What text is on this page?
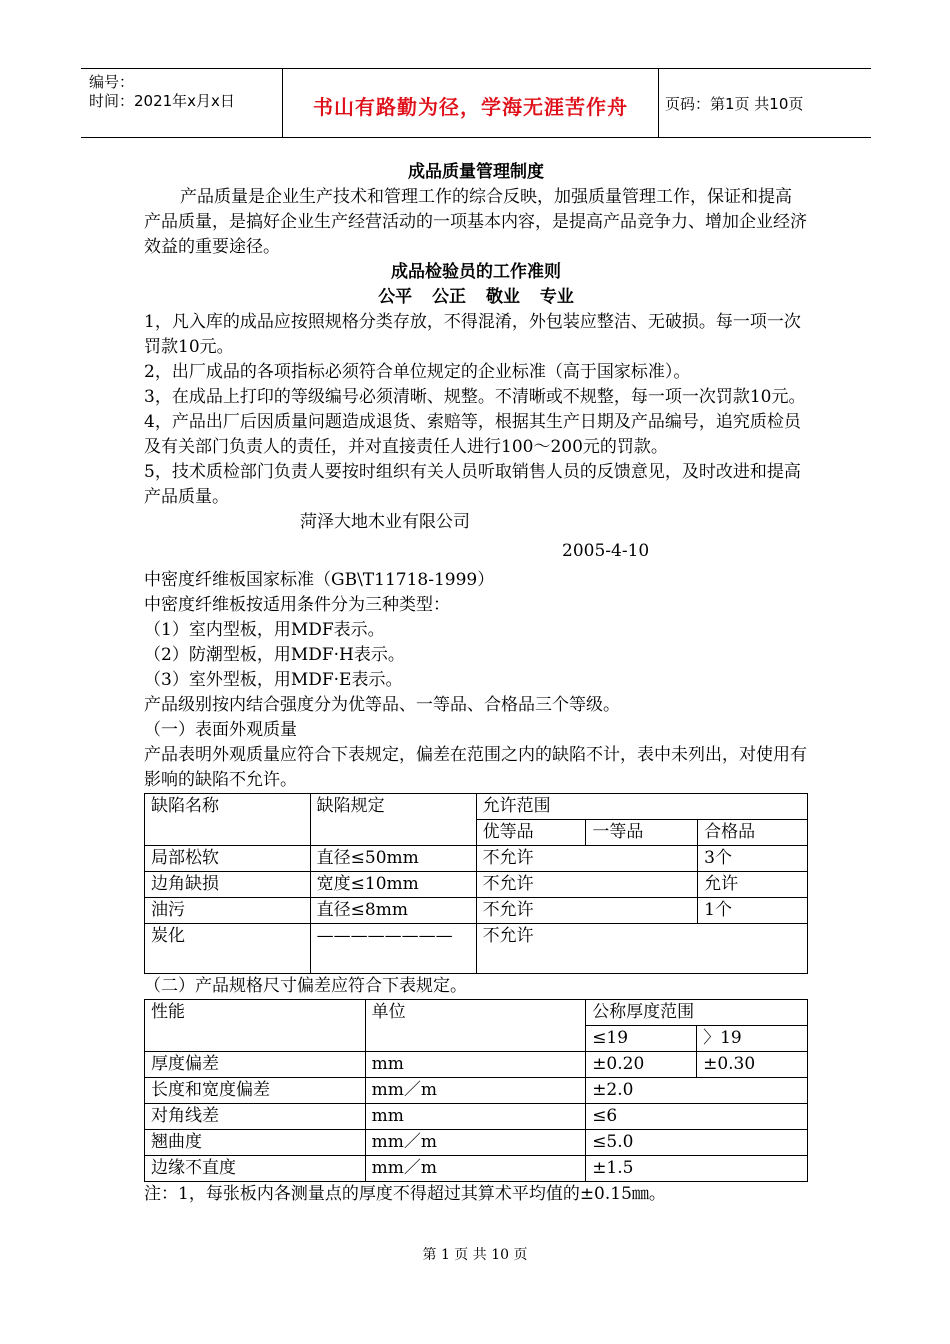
编号：
时间：2021年x月x日	书山有路勤为径，学海无涯苦作舟	页码：第1页 共10页

成品质量管理制度

产品质量是企业生产技术和管理工作的综合反映，加强质量管理工作，保证和提高产品质量，是搞好企业生产经营活动的一项基本内容，是提高产品竞争力、增加企业经济效益的重要途径。

成品检验员的工作准则

公平 公正 敬业 专业

1，凡入库的成品应按照规格分类存放，不得混淆，外包装应整洁、无破损。每一项一次罚款10元。

2，出厂成品的各项指标必须符合单位规定的企业标准（高于国家标准）。

3，在成品上打印的等级编号必须清晰、规整。不清晰或不规整，每一项一次罚款10元。

4，产品出厂后因质量问题造成退货、索赔等，根据其生产日期及产品编号，追究质检员及有关部门负责人的责任，并对直接责任人进行100～200元的罚款。

5，技术质检部门负责人要按时组织有关人员听取销售人员的反馈意见，及时改进和提高产品质量。

菏泽大地木业有限公司

2005-4-10

中密度纤维板国家标准（GB\T11718-1999）

中密度纤维板按适用条件分为三种类型：

（1）室内型板，用MDF表示。

（2）防潮型板，用MDF·H表示。

（3）室外型板，用MDF·E表示。

产品级别按内结合强度分为优等品、一等品、合格品三个等级。

（一）表面外观质量

产品表明外观质量应符合下表规定，偏差在范围之内的缺陷不计，表中未列出，对使用有影响的缺陷不允许。

缺陷名称	缺陷规定	允许范围		
		优等品	一等品	合格品
局部松软	直径≤50mm	不允许		3个
边角缺损	宽度≤10mm	不允许		允许
油污	直径≤8mm	不允许		1个
炭化	————————	不允许		

（二）产品规格尺寸偏差应符合下表规定。

性能	单位	公称厚度范围	
		≤19	〉19
厚度偏差	mm	±0.20	±0.30
长度和宽度偏差	mm／m	±2.0	
对角线差	mm	≤6	
翘曲度	mm／m	≤5.0	
边缘不直度	mm／m	±1.5	

注：1，每张板内各测量点的厚度不得超过其算术平均值的±0.15㎜。

第 1 页 共 10 页
